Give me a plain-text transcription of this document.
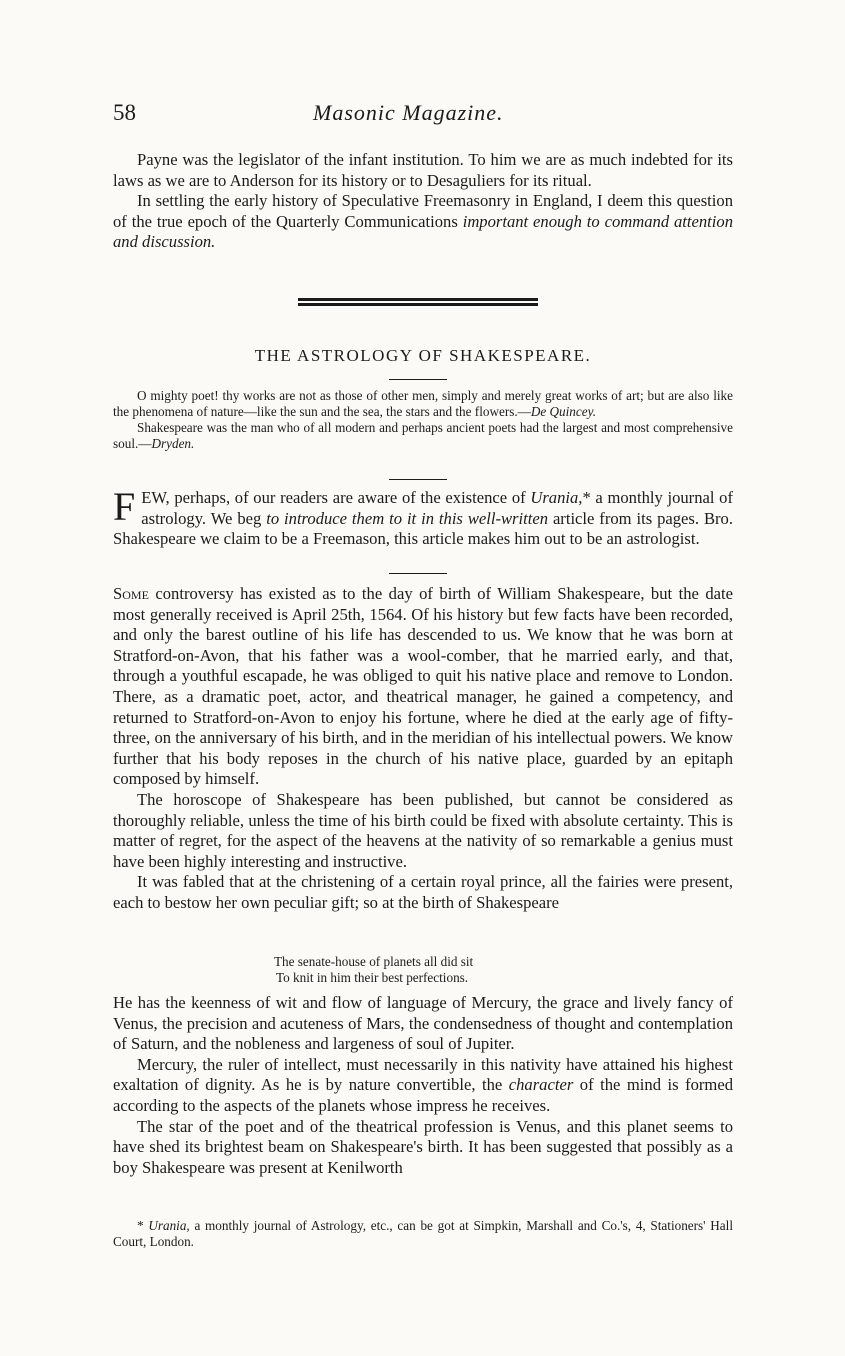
58	Masonic Magazine.

Payne was the legislator of the infant institution. To him we are as much indebted for its laws as we are to Anderson for its history or to Desaguliers for its ritual.

In settling the early history of Speculative Freemasonry in England, I deem this question of the true epoch of the Quarterly Communications important enough to command attention and discussion.

THE ASTROLOGY OF SHAKESPEARE.

O mighty poet! thy works are not as those of other men, simply and merely great works of art; but are also like the phenomena of nature—like the sun and the sea, the stars and the flowers.—De Quincey.

Shakespeare was the man who of all modern and perhaps ancient poets had the largest and most comprehensive soul.—Dryden.

FEW, perhaps, of our readers are aware of the existence of Urania,* a monthly journal of astrology. We beg to introduce them to it in this well-written article from its pages. Bro. Shakespeare we claim to be a Freemason, this article makes him out to be an astrologist.

Some controversy has existed as to the day of birth of William Shakespeare, but the date most generally received is April 25th, 1564. Of his history but few facts have been recorded, and only the barest outline of his life has descended to us. We know that he was born at Stratford-on-Avon, that his father was a wool-comber, that he married early, and that, through a youthful escapade, he was obliged to quit his native place and remove to London. There, as a dramatic poet, actor, and theatrical manager, he gained a competency, and returned to Stratford-on-Avon to enjoy his fortune, where he died at the early age of fifty-three, on the anniversary of his birth, and in the meridian of his intellectual powers. We know further that his body reposes in the church of his native place, guarded by an epitaph composed by himself.

The horoscope of Shakespeare has been published, but cannot be considered as thoroughly reliable, unless the time of his birth could be fixed with absolute certainty. This is matter of regret, for the aspect of the heavens at the nativity of so remarkable a genius must have been highly interesting and instructive.

It was fabled that at the christening of a certain royal prince, all the fairies were present, each to bestow her own peculiar gift; so at the birth of Shakespeare

The senate-house of planets all did sit
To knit in him their best perfections.

He has the keenness of wit and flow of language of Mercury, the grace and lively fancy of Venus, the precision and acuteness of Mars, the condensedness of thought and contemplation of Saturn, and the nobleness and largeness of soul of Jupiter.

Mercury, the ruler of intellect, must necessarily in this nativity have attained his highest exaltation of dignity. As he is by nature convertible, the character of the mind is formed according to the aspects of the planets whose impress he receives.

The star of the poet and of the theatrical profession is Venus, and this planet seems to have shed its brightest beam on Shakespeare's birth. It has been suggested that possibly as a boy Shakespeare was present at Kenilworth

* Urania, a monthly journal of Astrology, etc., can be got at Simpkin, Marshall and Co.'s, 4, Stationers' Hall Court, London.
